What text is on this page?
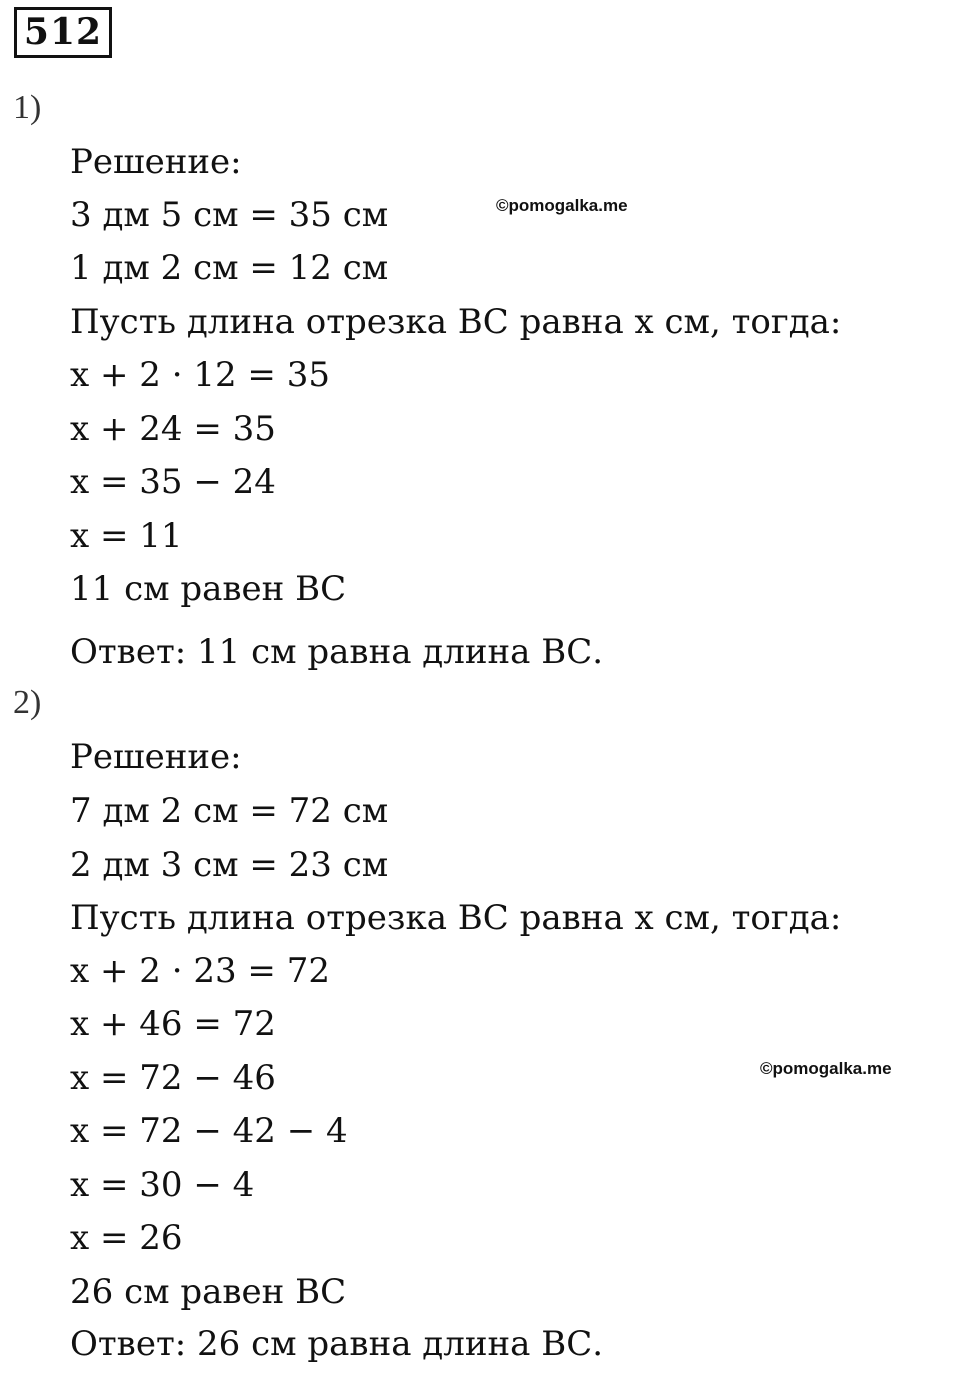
512
1)
Решение:
3 дм 5 см = 35 см
1 дм 2 см = 12 см
Пусть длина отрезка ВС равна x см, тогда:
x + 2 · 12 = 35
x + 24 = 35
x = 35 − 24
x = 11
11 см равен ВС
Ответ: 11 см равна длина ВС.
2)
Решение:
7 дм 2 см = 72 см
2 дм 3 см = 23 см
Пусть длина отрезка ВС равна x см, тогда:
x + 2 · 23 = 72
x + 46 = 72
x = 72 − 46
x = 72 − 42 − 4
x = 30 − 4
x = 26
26 см равен ВС
Ответ: 26 см равна длина ВС.
©pomogalka.me
©pomogalka.me
